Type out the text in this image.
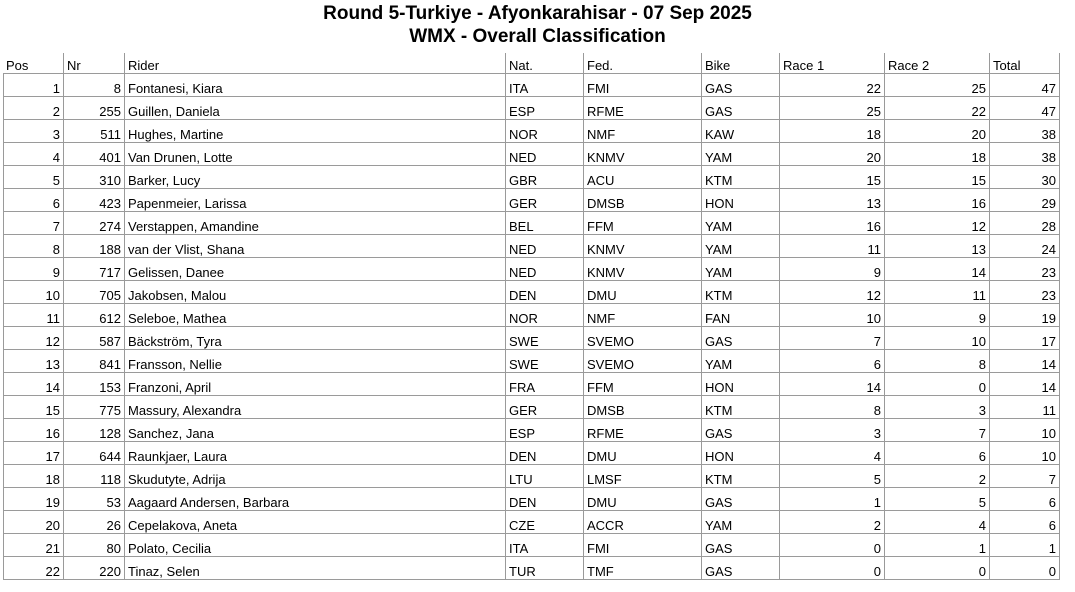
Round 5-Turkiye - Afyonkarahisar - 07 Sep 2025
WMX - Overall Classification
Pos	Nr	Rider	Nat.	Fed.	Bike	Race 1	Race 2	Total
1	8	Fontanesi, Kiara	ITA	FMI	GAS	22	25	47
2	255	Guillen, Daniela	ESP	RFME	GAS	25	22	47
3	511	Hughes, Martine	NOR	NMF	KAW	18	20	38
4	401	Van Drunen, Lotte	NED	KNMV	YAM	20	18	38
5	310	Barker, Lucy	GBR	ACU	KTM	15	15	30
6	423	Papenmeier, Larissa	GER	DMSB	HON	13	16	29
7	274	Verstappen, Amandine	BEL	FFM	YAM	16	12	28
8	188	van der Vlist, Shana	NED	KNMV	YAM	11	13	24
9	717	Gelissen, Danee	NED	KNMV	YAM	9	14	23
10	705	Jakobsen, Malou	DEN	DMU	KTM	12	11	23
11	612	Seleboe, Mathea	NOR	NMF	FAN	10	9	19
12	587	Bäckström, Tyra	SWE	SVEMO	GAS	7	10	17
13	841	Fransson, Nellie	SWE	SVEMO	YAM	6	8	14
14	153	Franzoni, April	FRA	FFM	HON	14	0	14
15	775	Massury, Alexandra	GER	DMSB	KTM	8	3	11
16	128	Sanchez, Jana	ESP	RFME	GAS	3	7	10
17	644	Raunkjaer, Laura	DEN	DMU	HON	4	6	10
18	118	Skudutyte, Adrija	LTU	LMSF	KTM	5	2	7
19	53	Aagaard Andersen, Barbara	DEN	DMU	GAS	1	5	6
20	26	Cepelakova, Aneta	CZE	ACCR	YAM	2	4	6
21	80	Polato, Cecilia	ITA	FMI	GAS	0	1	1
22	220	Tinaz, Selen	TUR	TMF	GAS	0	0	0
